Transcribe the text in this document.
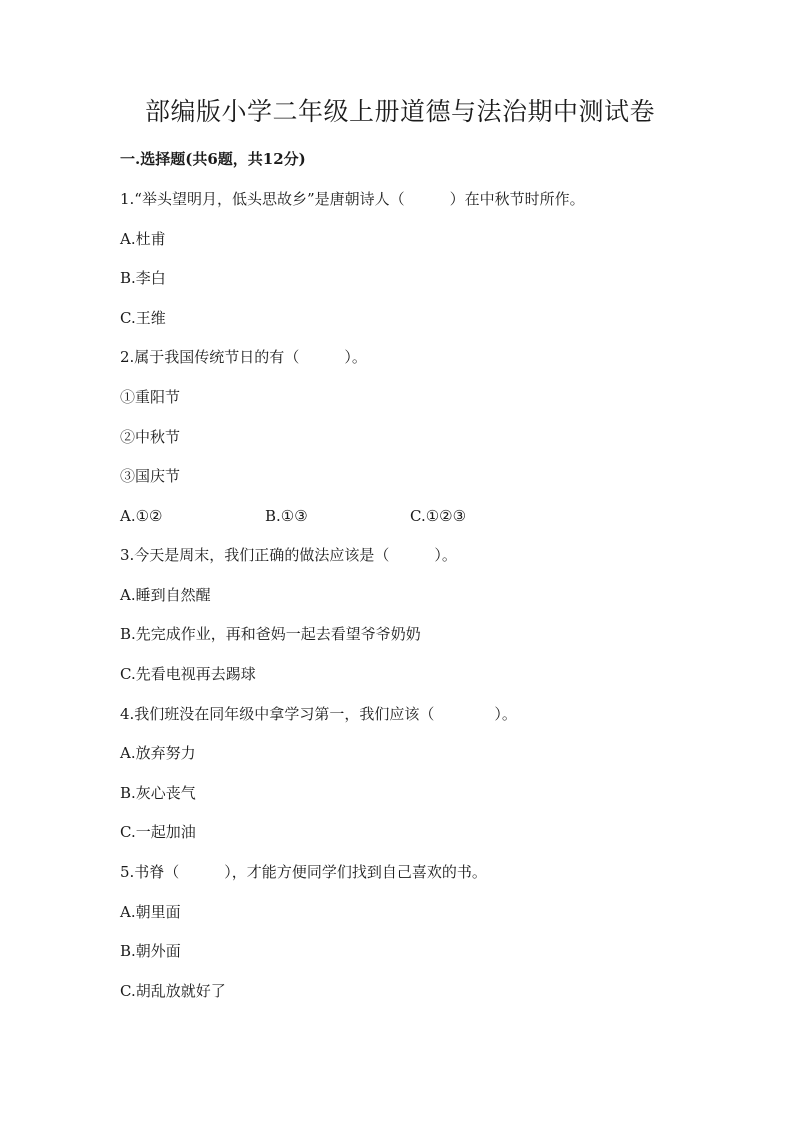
部编版小学二年级上册道德与法治期中测试卷
一.选择题(共6题，共12分)
1.“举头望明月，低头思故乡”是唐朝诗人（　　　）在中秋节时所作。
A.杜甫
B.李白
C.王维
2.属于我国传统节日的有（　　　）。
①重阳节
②中秋节
③国庆节
A.①②	B.①③	C.①②③
3.今天是周末，我们正确的做法应该是（　　　）。
A.睡到自然醒
B.先完成作业，再和爸妈一起去看望爷爷奶奶
C.先看电视再去踢球
4.我们班没在同年级中拿学习第一，我们应该（　　　　）。
A.放弃努力
B.灰心丧气
C.一起加油
5.书脊（　　　），才能方便同学们找到自己喜欢的书。
A.朝里面
B.朝外面
C.胡乱放就好了
